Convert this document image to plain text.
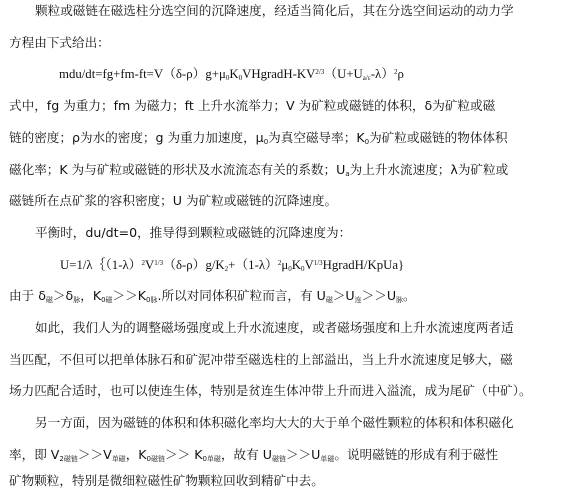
颗粒或磁链在磁选柱分选空间的沉降速度，经适当简化后，其在分选空间运动的动力学
方程由下式给出：
mdu/$dt=fg+fm-ft=V(\delta-\rho)g+\mu_0K_0VHgradH-KV^{2/3}(U+U_{a/\varepsilon}-\lambda)^2\rho$
式中，fg 为重力；fm 为磁力；ft 上升水流举力；V 为矿粒或磁链的体积，δ为矿粒或磁
链的密度；ρ为水的密度；g 为重力加速度，$\mu_0$为真空磁导率；$K_0$为矿粒或磁链的物体体积
磁化率；K 为与矿粒或磁链的形状及水流流态有关的系数；$U_a$为上升水流速度；λ为矿粒或
磁链所在点矿浆的容积密度；U 为矿粒或磁链的沉降速度。
平衡时，du/dt=0，推导得到颗粒或磁链的沉降速度为：
$U=1/\lambda\{(1-\lambda)^2V^{1/3}(\delta-\rho)g/K_2+(1-\lambda)^2\mu_0K_0V^{1/3}HgradH/KpUa$}
由于 $\delta_磁>\delta_脉$，$K_{0磁}>>K_{0脉}$.所以对同体积矿粒而言，有 $U_磁>U_连>>U_脉$。
如此，我们人为的调整磁场强度或上升水流速度，或者磁场强度和上升水流速度两者适
当匹配，不但可以把单体脉石和矿泥冲带至磁选柱的上部溢出，当上升水流速度足够大，磁
场力匹配合适时，也可以使连生体，特别是贫连生体冲带上升而进入溢流，成为尾矿（中矿）。
另一方面，因为磁链的体积和体积磁化率均大大的大于单个磁性颗粒的体积和体积磁化
率，即 $V_{2磁链}>>V_{单磁}$，$K_{0磁链}>> K_{0单磁}$，故有 $U_{磁链}>>U_{单磁}$。说明磁链的形成有利于磁性
矿物颗粒，特别是微细粒磁性矿物颗粒回收到精矿中去。
